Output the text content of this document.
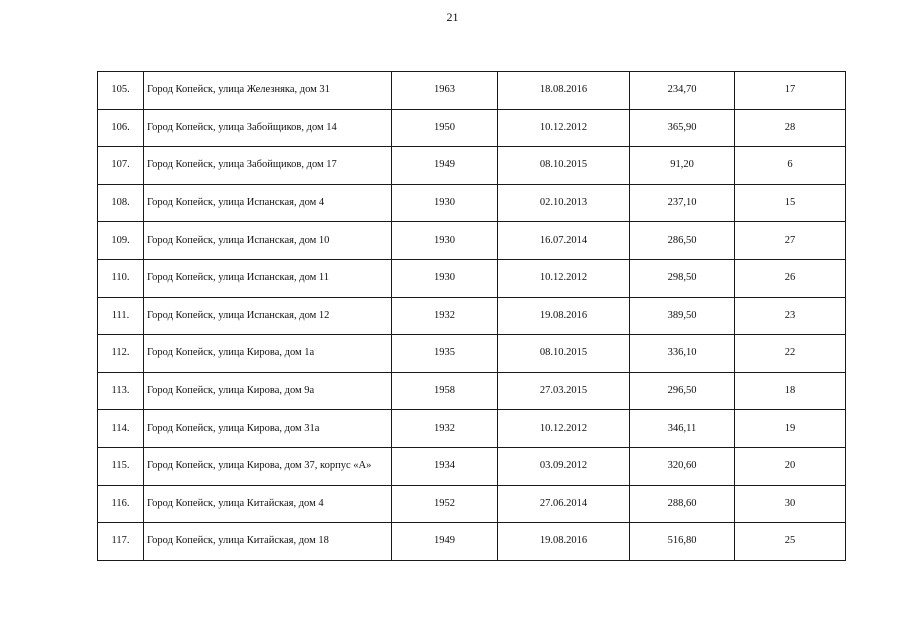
21
105.	Город Копейск, улица Железняка, дом 31	1963	18.08.2016	234,70	17
106.	Город Копейск, улица Забойщиков, дом 14	1950	10.12.2012	365,90	28
107.	Город Копейск, улица Забойщиков, дом 17	1949	08.10.2015	91,20	6
108.	Город Копейск, улица Испанская, дом 4	1930	02.10.2013	237,10	15
109.	Город Копейск, улица Испанская, дом 10	1930	16.07.2014	286,50	27
110.	Город Копейск, улица Испанская, дом 11	1930	10.12.2012	298,50	26
111.	Город Копейск, улица Испанская, дом 12	1932	19.08.2016	389,50	23
112.	Город Копейск, улица Кирова, дом 1а	1935	08.10.2015	336,10	22
113.	Город Копейск, улица Кирова, дом 9а	1958	27.03.2015	296,50	18
114.	Город Копейск, улица Кирова, дом 31а	1932	10.12.2012	346,11	19
115.	Город Копейск, улица Кирова, дом 37, корпус «А»	1934	03.09.2012	320,60	20
116.	Город Копейск, улица Китайская, дом 4	1952	27.06.2014	288,60	30
117.	Город Копейск, улица Китайская, дом 18	1949	19.08.2016	516,80	25
